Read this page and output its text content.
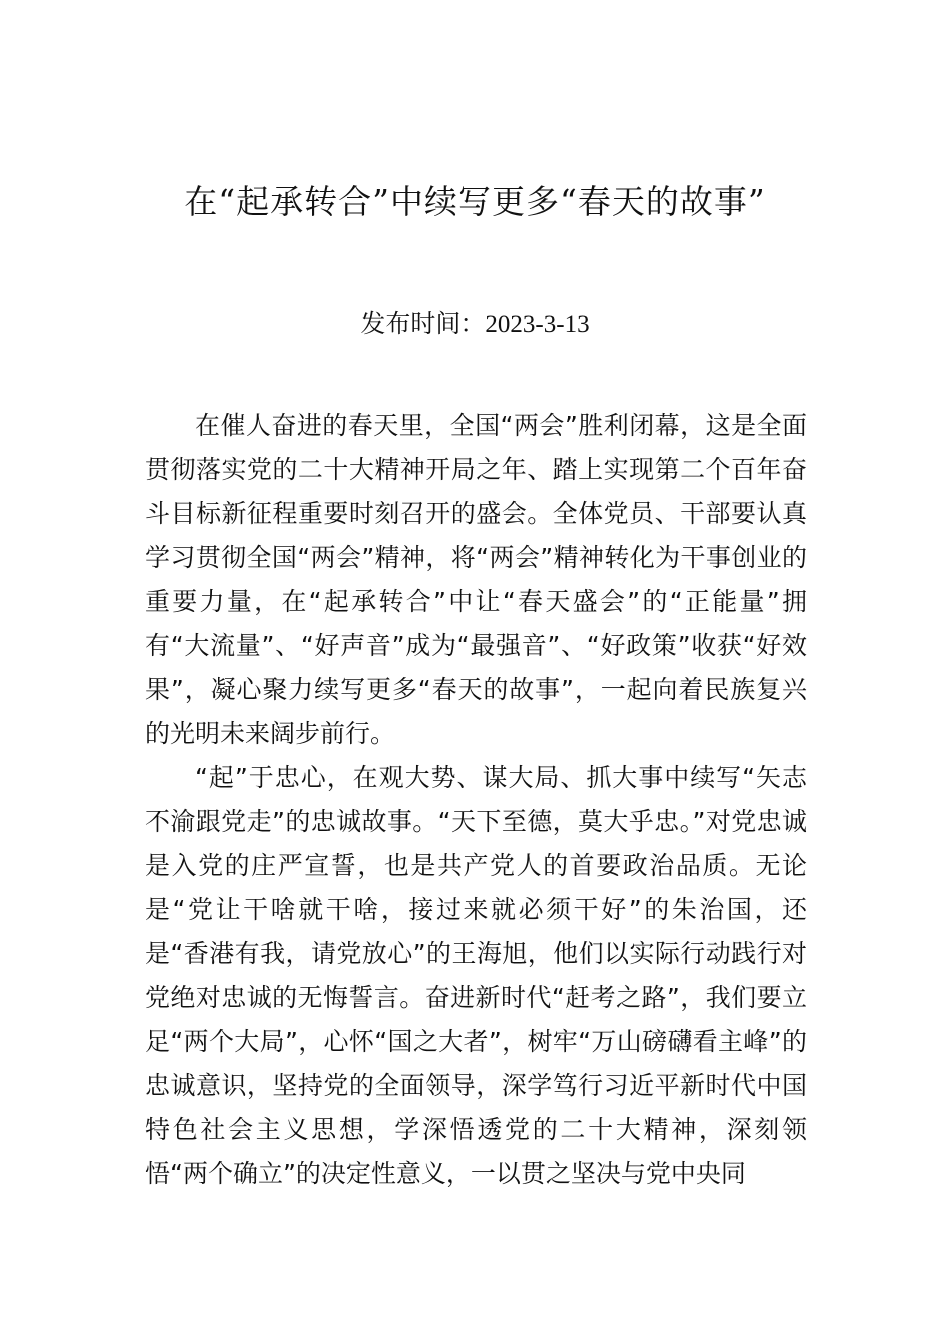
在“起承转合”中续写更多“春天的故事”
发布时间：2023-3-13

在催人奋进的春天里，全国“两会”胜利闭幕，这是全面贯彻落实党的二十大精神开局之年、踏上实现第二个百年奋斗目标新征程重要时刻召开的盛会。全体党员、干部要认真学习贯彻全国“两会”精神，将“两会”精神转化为干事创业的重要力量，在“起承转合”中让“春天盛会”的“正能量”拥有“大流量”、“好声音”成为“最强音”、“好政策”收获“好效果”，凝心聚力续写更多“春天的故事”，一起向着民族复兴的光明未来阔步前行。

“起”于忠心，在观大势、谋大局、抓大事中续写“矢志不渝跟党走”的忠诚故事。“天下至德，莫大乎忠。”对党忠诚是入党的庄严宣誓，也是共产党人的首要政治品质。无论是“党让干啥就干啥，接过来就必须干好”的朱治国，还是“香港有我，请党放心”的王海旭，他们以实际行动践行对党绝对忠诚的无悔誓言。奋进新时代“赶考之路”，我们要立足“两个大局”，心怀“国之大者”，树牢“万山磅礴看主峰”的忠诚意识，坚持党的全面领导，深学笃行习近平新时代中国特色社会主义思想，学深悟透党的二十大精神，深刻领悟“两个确立”的决定性意义，一以贯之坚决与党中央同
